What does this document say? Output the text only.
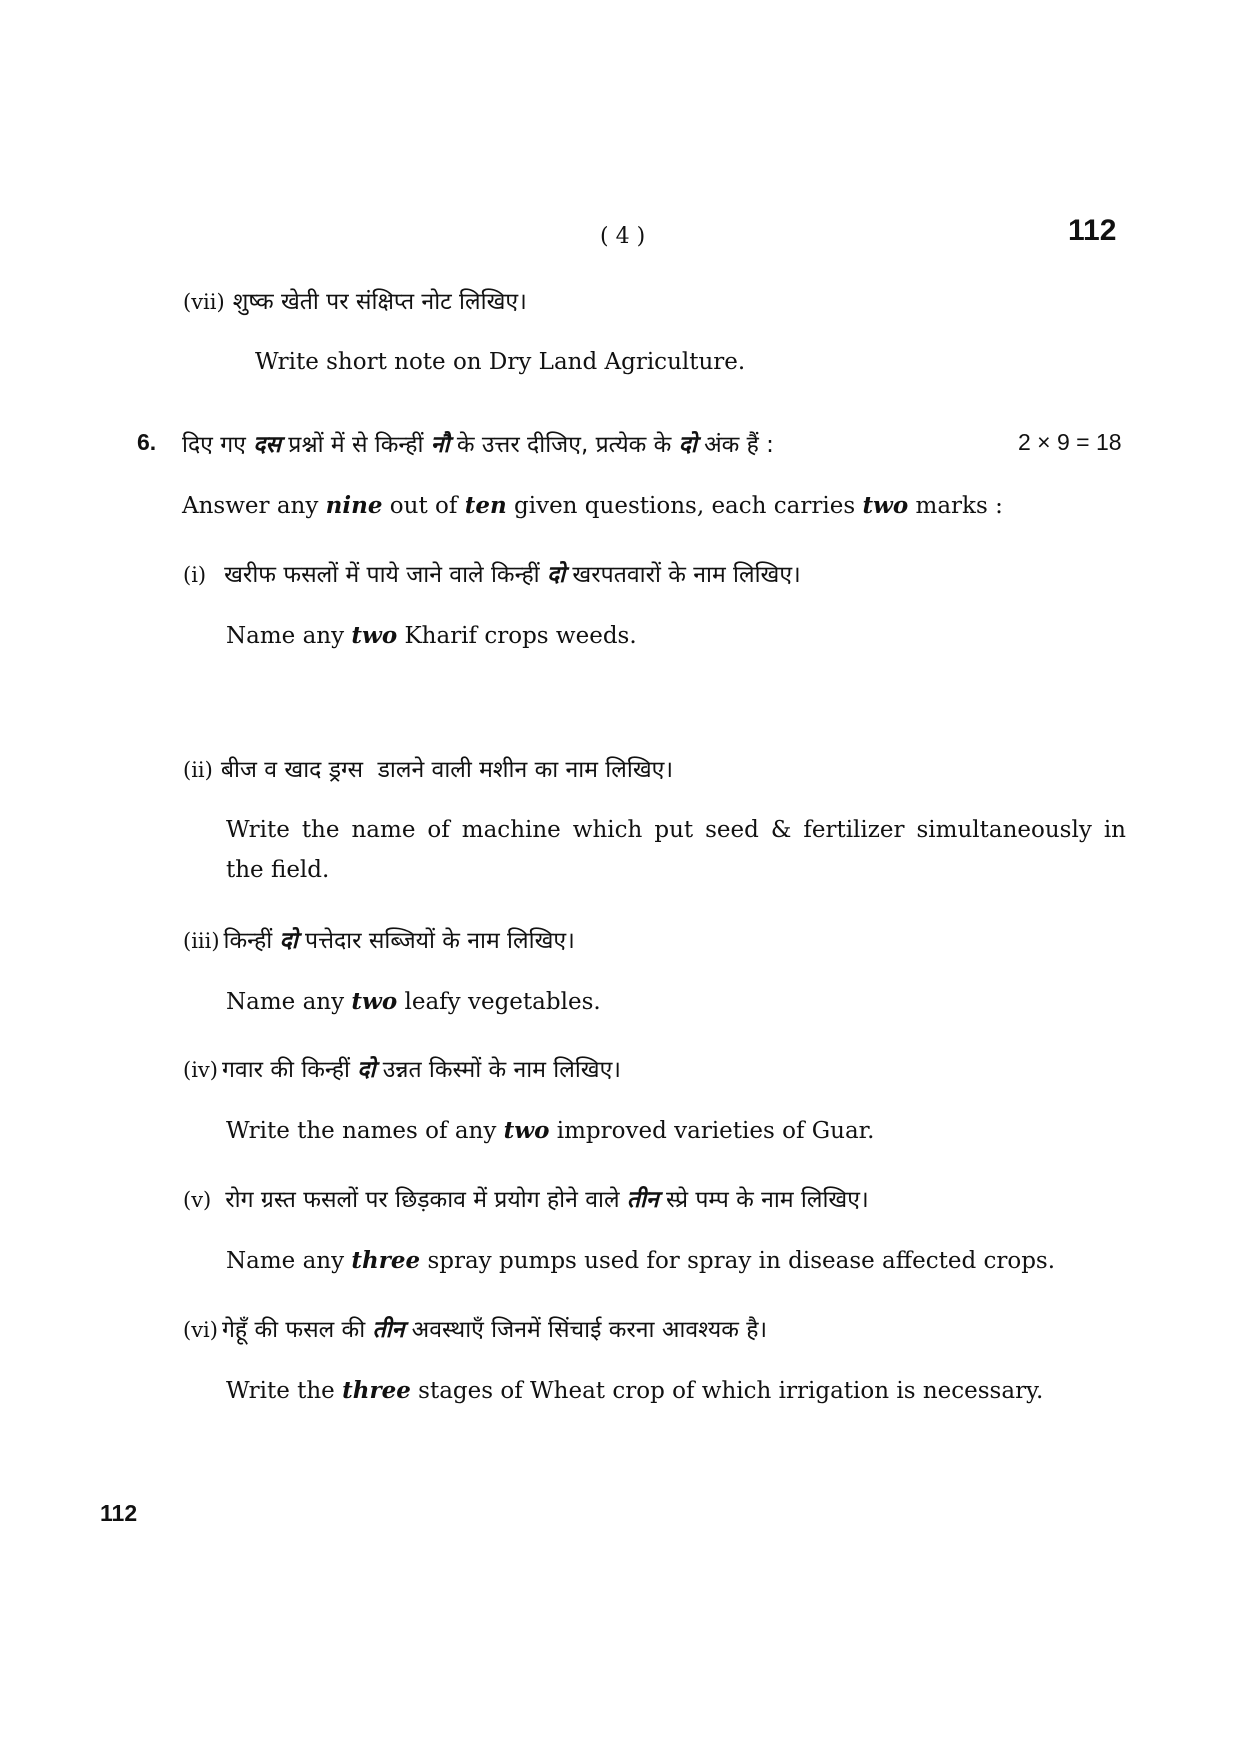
( 4 )	112
(vii) शुष्क खेती पर संक्षिप्त नोट लिखिए।
Write short note on Dry Land Agriculture.
6. दिए गए दस प्रश्नों में से किन्हीं नौ के उत्तर दीजिए, प्रत्येक के दो अंक हैं :	2 × 9 = 18
Answer any nine out of ten given questions, each carries two marks :
(i) खरीफ फसलों में पाये जाने वाले किन्हीं दो खरपतवारों के नाम लिखिए।
Name any two Kharif crops weeds.
(ii) बीज व खाद ड्रग्स  डालने वाली मशीन का नाम लिखिए।
Write the name of machine which put seed & fertilizer simultaneously in
the field.
(iii) किन्हीं दो पत्तेदार सब्जियों के नाम लिखिए।
Name any two leafy vegetables.
(iv) गवार की किन्हीं दो उन्नत किस्मों के नाम लिखिए।
Write the names of any two improved varieties of Guar.
(v) रोग ग्रस्त फसलों पर छिड़काव में प्रयोग होने वाले तीन स्प्रे पम्प के नाम लिखिए।
Name any three spray pumps used for spray in disease affected crops.
(vi) गेहूँ की फसल की तीन अवस्थाएँ जिनमें सिंचाई करना आवश्यक है।
Write the three stages of Wheat crop of which irrigation is necessary.
112
